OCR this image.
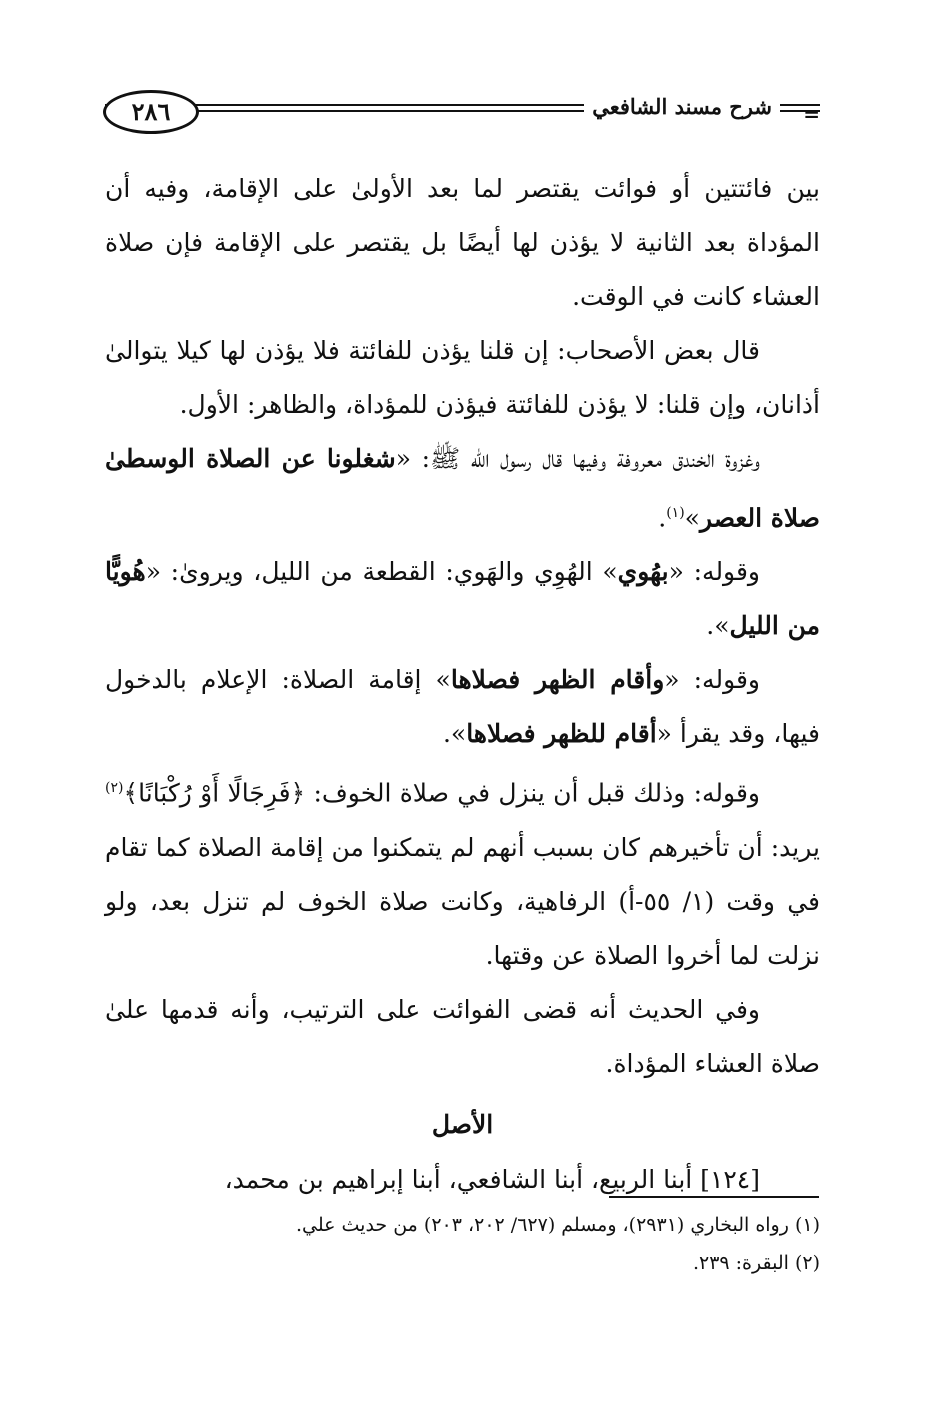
٢٨٦	شرح مسند الشافعي	=

بين فائتتين أو فوائت يقتصر لما بعد الأولىٰ على الإقامة، وفيه أن المؤداة بعد الثانية لا يؤذن لها أيضًا بل يقتصر على الإقامة فإن صلاة العشاء كانت في الوقت.

قال بعض الأصحاب: إن قلنا يؤذن للفائتة فلا يؤذن لها كيلا يتوالىٰ أذانان، وإن قلنا: لا يؤذن للفائتة فيؤذن للمؤداة، والظاهر: الأول.

وغزوة الخندق معروفة وفيها قال رسول الله ﷺ: «شغلونا عن الصلاة الوسطىٰ صلاة العصر»$^{(١)}$.

وقوله: «بهُوي» الهُوِي والهَوي: القطعة من الليل، ويروىٰ: «هُويًّا من الليل».

وقوله: «وأقام الظهر فصلاها» إقامة الصلاة: الإعلام بالدخول فيها، وقد يقرأ «أقام للظهر فصلاها».

وقوله: وذلك قبل أن ينزل في صلاة الخوف: ﴿فَرِجَالًا أَوْ رُكْبَانًا﴾$^{(٢)}$ يريد: أن تأخيرهم كان بسبب أنهم لم يتمكنوا من إقامة الصلاة كما تقام في وقت (١/ ٥٥-أ) الرفاهية، وكانت صلاة الخوف لم تنزل بعد، ولو نزلت لما أخروا الصلاة عن وقتها.

وفي الحديث أنه قضى الفوائت على الترتيب، وأنه قدمها علىٰ صلاة العشاء المؤداة.

الأصل

[١٢٤] أبنا الربيع، أبنا الشافعي، أبنا إبراهيم بن محمد،

(١) رواه البخاري (٢٩٣١)، ومسلم (٦٢٧/ ٢٠٢، ٢٠٣) من حديث علي.

(٢) البقرة: ٢٣٩.
